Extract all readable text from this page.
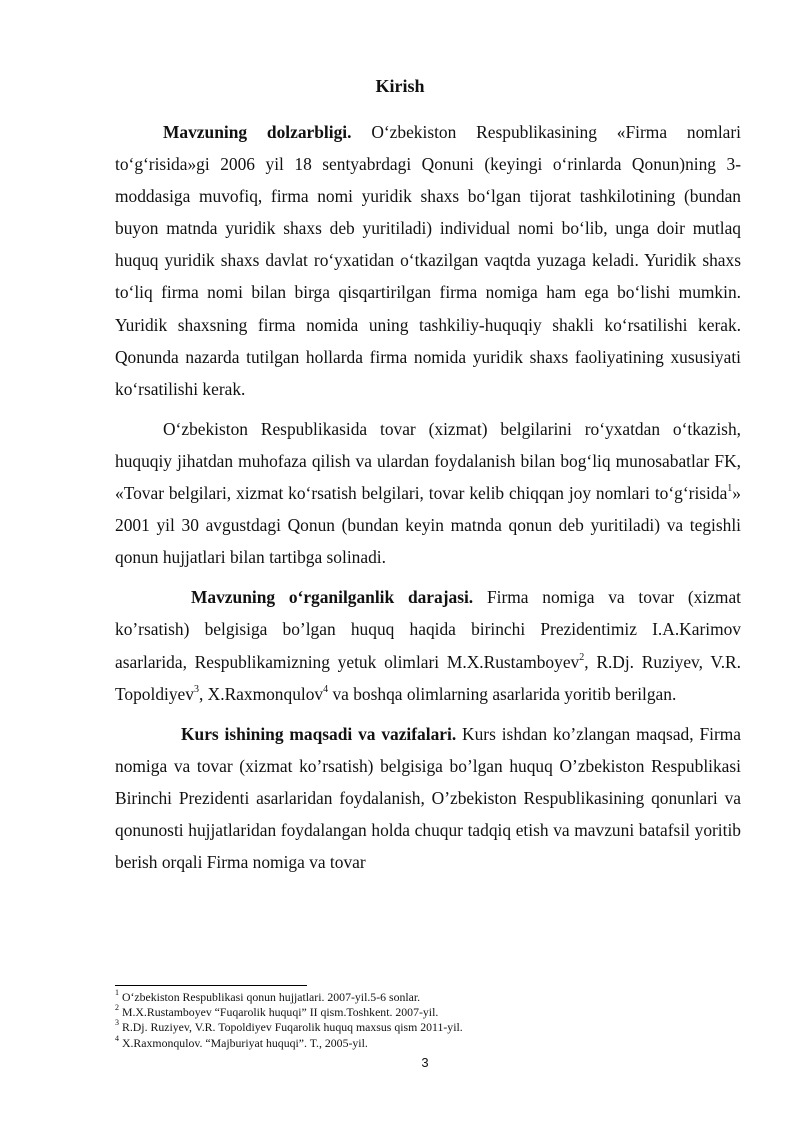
Kirish

Mavzuning dolzarbligi. O‘zbekiston Respublikasining «Firma nomlari to‘g‘risida»gi 2006 yil 18 sentyabrdagi Qonuni (keyingi o‘rinlarda Qonun)ning 3-moddasiga muvofiq, firma nomi yuridik shaxs bo‘lgan tijorat tashkilotining (bundan buyon matnda yuridik shaxs deb yuritiladi) individual nomi bo‘lib, unga doir mutlaq huquq yuridik shaxs davlat ro‘yxatidan o‘tkazilgan vaqtda yuzaga keladi. Yuridik shaxs to‘liq firma nomi bilan birga qisqartirilgan firma nomiga ham ega bo‘lishi mumkin. Yuridik shaxsning firma nomida uning tashkiliy-huquqiy shakli ko‘rsatilishi kerak. Qonunda nazarda tutilgan hollarda firma nomida yuridik shaxs faoliyatining xususiyati ko‘rsatilishi kerak.

O‘zbekiston Respublikasida tovar (xizmat) belgilarini ro‘yxatdan o‘tkazish, huquqiy jihatdan muhofaza qilish va ulardan foydalanish bilan bog‘liq munosabatlar FK, «Tovar belgilari, xizmat ko‘rsatish belgilari, tovar kelib chiqqan joy nomlari to‘g‘risida$^1$» 2001 yil 30 avgustdagi Qonun (bundan keyin matnda qonun deb yuritiladi) va tegishli qonun hujjatlari bilan tartibga solinadi.

Mavzuning o‘rganilganlik darajasi. Firma nomiga va tovar (xizmat ko’rsatish) belgisiga bo’lgan huquq haqida birinchi Prezidentimiz I.A.Karimov asarlarida, Respublikamizning yetuk olimlari M.X.Rustamboyev$^2$, R.Dj. Ruziyev, V.R. Topoldiyev$^3$, X.Raxmonqulov$^4$ va boshqa olimlarning asarlarida yoritib berilgan.

Kurs ishining maqsadi va vazifalari. Kurs ishdan ko’zlangan maqsad, Firma nomiga va tovar (xizmat ko’rsatish) belgisiga bo’lgan huquq O’zbekiston Respublikasi Birinchi Prezidenti asarlaridan foydalanish, O’zbekiston Respublikasining qonunlari va qonunosti hujjatlaridan foydalangan holda chuqur tadqiq etish va mavzuni batafsil yoritib berish orqali Firma nomiga va tovar

$^1$ O‘zbekiston Respublikasi qonun hujjatlari. 2007-yil.5-6 sonlar.
$^2$ M.X.Rustamboyev “Fuqarolik huquqi” II qism.Toshkent. 2007-yil.
$^3$ R.Dj. Ruziyev, V.R. Topoldiyev Fuqarolik huquq maxsus qism 2011-yil.
$^4$ X.Raxmonqulov. “Majburiyat huquqi”. T., 2005-yil.
3
